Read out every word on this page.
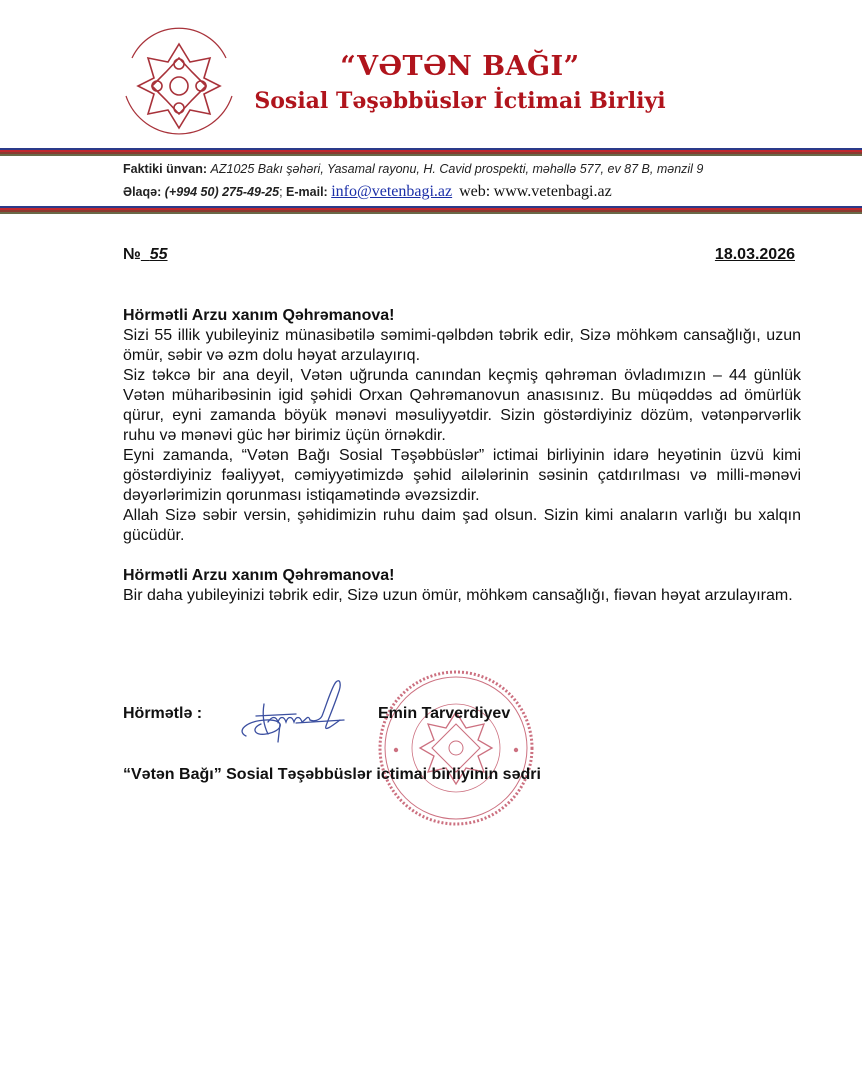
“VƏTƏN BAĞI”
Sosial Təşəbbüslər İctimai Birliyi
Faktiki ünvan: AZ1025 Bakı şəhəri, Yasamal rayonu, H. Cavid prospekti, məhəllə 577, ev 87 B, mənzil 9
Əlaqə: (+994 50) 275-49-25; E-mail: info@vetenbagi.az web: www.vetenbagi.az
№ 55	18.03.2026

Hörmətli Arzu xanım Qəhrəmanova!

Sizi 55 illik yubileyiniz münasibətilə səmimi-qəlbdən təbrik edir, Sizə möhkəm cansağlığı, uzun ömür, səbir və əzm dolu həyat arzulayırıq.

Siz təkcə bir ana deyil, Vətən uğrunda canından keçmiş qəhrəman övladımızın – 44 günlük Vətən müharibəsinin igid şəhidi Orxan Qəhrəmanovun anasısınız. Bu müqəddəs ad ömürlük qürur, eyni zamanda böyük mənəvi məsuliyyətdir. Sizin göstərdiyiniz dözüm, vətənpərvərlik ruhu və mənəvi güc hər birimiz üçün örnəkdir.

Eyni zamanda, “Vətən Bağı Sosial Təşəbbüslər” ictimai birliyinin idarə heyətinin üzvü kimi göstərdiyiniz fəaliyyət, cəmiyyətimizdə şəhid ailələrinin səsinin çatdırılması və milli-mənəvi dəyərlərimizin qorunması istiqamətində əvəzsizdir.

Allah Sizə səbir versin, şəhidimizin ruhu daim şad olsun. Sizin kimi anaların varlığı bu xalqın gücüdür.

Hörmətli Arzu xanım Qəhrəmanova!

Bir daha yubileyinizi təbrik edir, Sizə uzun ömür, möhkəm cansağlığı, fiəvan həyat arzulayıram.

Hörmətlə :	Emin Tarverdiyev
“Vətən Bağı” Sosial Təşəbbüslər ictimai birliyinin sədri
